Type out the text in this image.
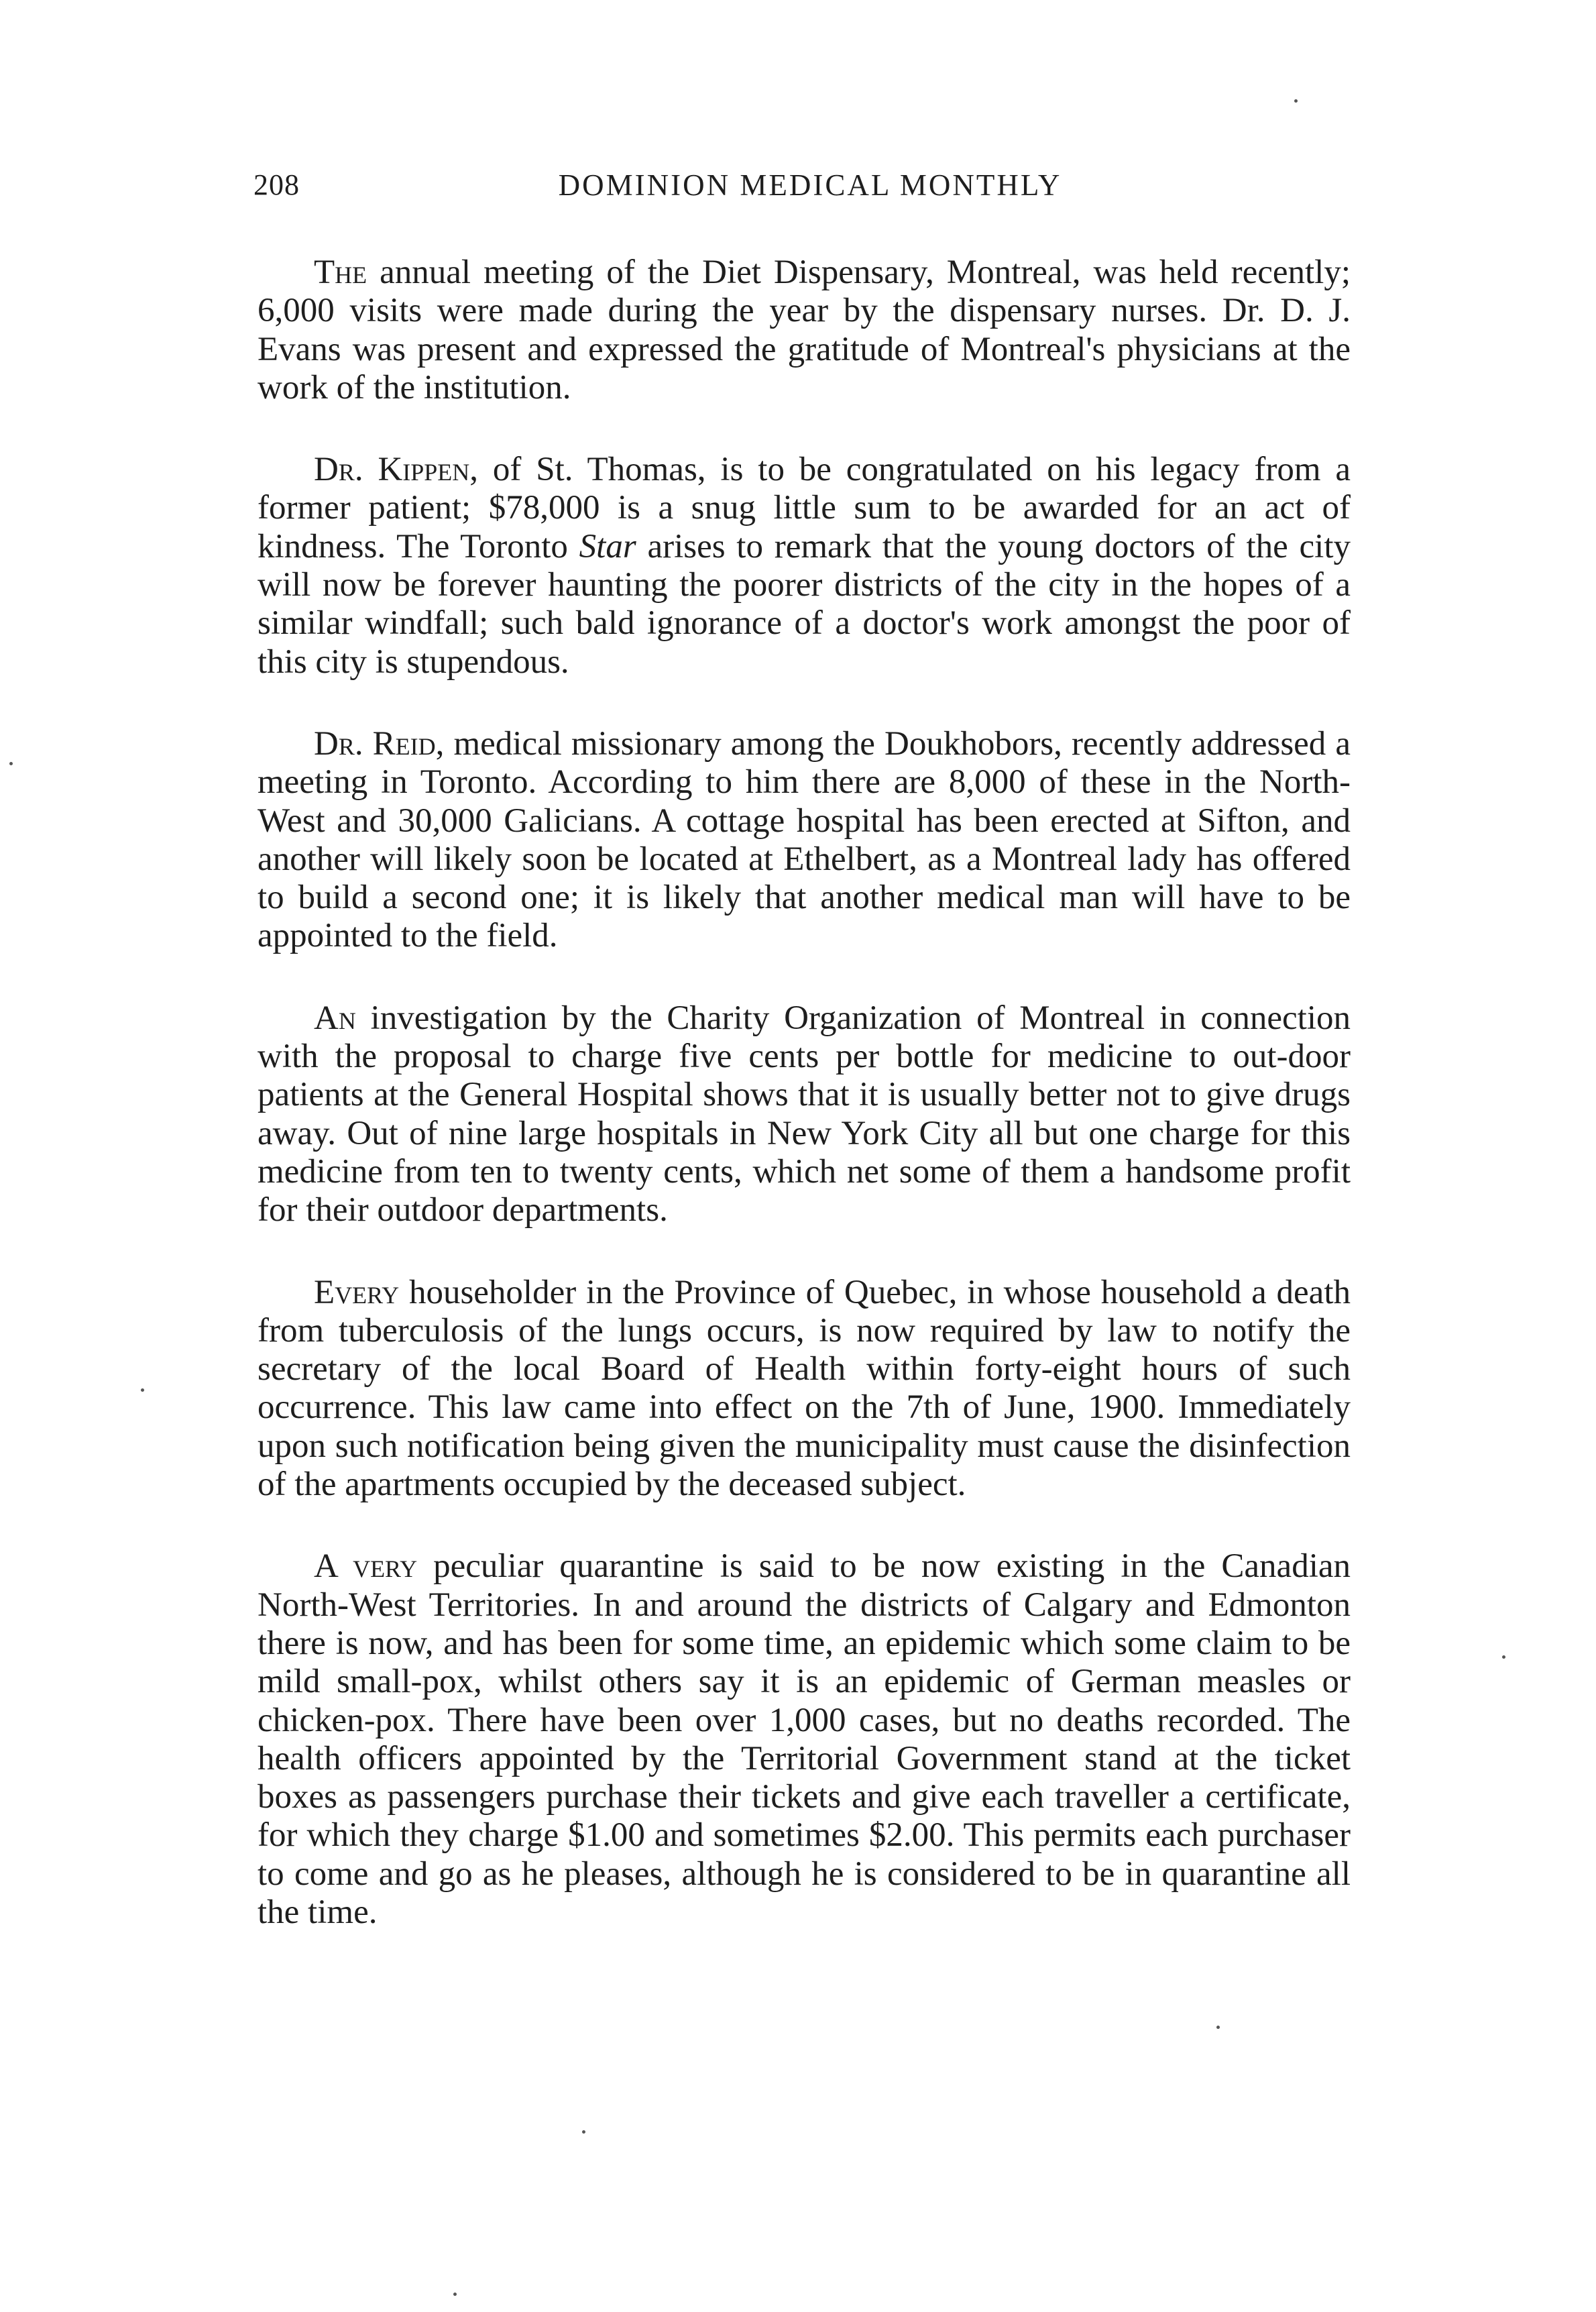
208	DOMINION MEDICAL MONTHLY

The annual meeting of the Diet Dispensary, Montreal, was held recently; 6,000 visits were made during the year by the dispensary nurses. Dr. D. J. Evans was present and expressed the gratitude of Montreal's physicians at the work of the institution.

Dr. Kippen, of St. Thomas, is to be congratulated on his legacy from a former patient; $78,000 is a snug little sum to be awarded for an act of kindness. The Toronto Star arises to remark that the young doctors of the city will now be forever haunting the poorer districts of the city in the hopes of a similar windfall; such bald ignorance of a doctor's work amongst the poor of this city is stupendous.

Dr. Reid, medical missionary among the Doukhobors, recently addressed a meeting in Toronto. According to him there are 8,000 of these in the North-West and 30,000 Galicians. A cottage hospital has been erected at Sifton, and another will likely soon be located at Ethelbert, as a Montreal lady has offered to build a second one; it is likely that another medical man will have to be appointed to the field.

An investigation by the Charity Organization of Montreal in connection with the proposal to charge five cents per bottle for medicine to out-door patients at the General Hospital shows that it is usually better not to give drugs away. Out of nine large hospitals in New York City all but one charge for this medicine from ten to twenty cents, which net some of them a handsome profit for their outdoor departments.

Every householder in the Province of Quebec, in whose household a death from tuberculosis of the lungs occurs, is now required by law to notify the secretary of the local Board of Health within forty-eight hours of such occurrence. This law came into effect on the 7th of June, 1900. Immediately upon such notification being given the municipality must cause the disinfection of the apartments occupied by the deceased subject.

A very peculiar quarantine is said to be now existing in the Canadian North-West Territories. In and around the districts of Calgary and Edmonton there is now, and has been for some time, an epidemic which some claim to be mild small-pox, whilst others say it is an epidemic of German measles or chicken-pox. There have been over 1,000 cases, but no deaths recorded. The health officers appointed by the Territorial Government stand at the ticket boxes as passengers purchase their tickets and give each traveller a certificate, for which they charge $1.00 and sometimes $2.00. This permits each purchaser to come and go as he pleases, although he is considered to be in quarantine all the time.
